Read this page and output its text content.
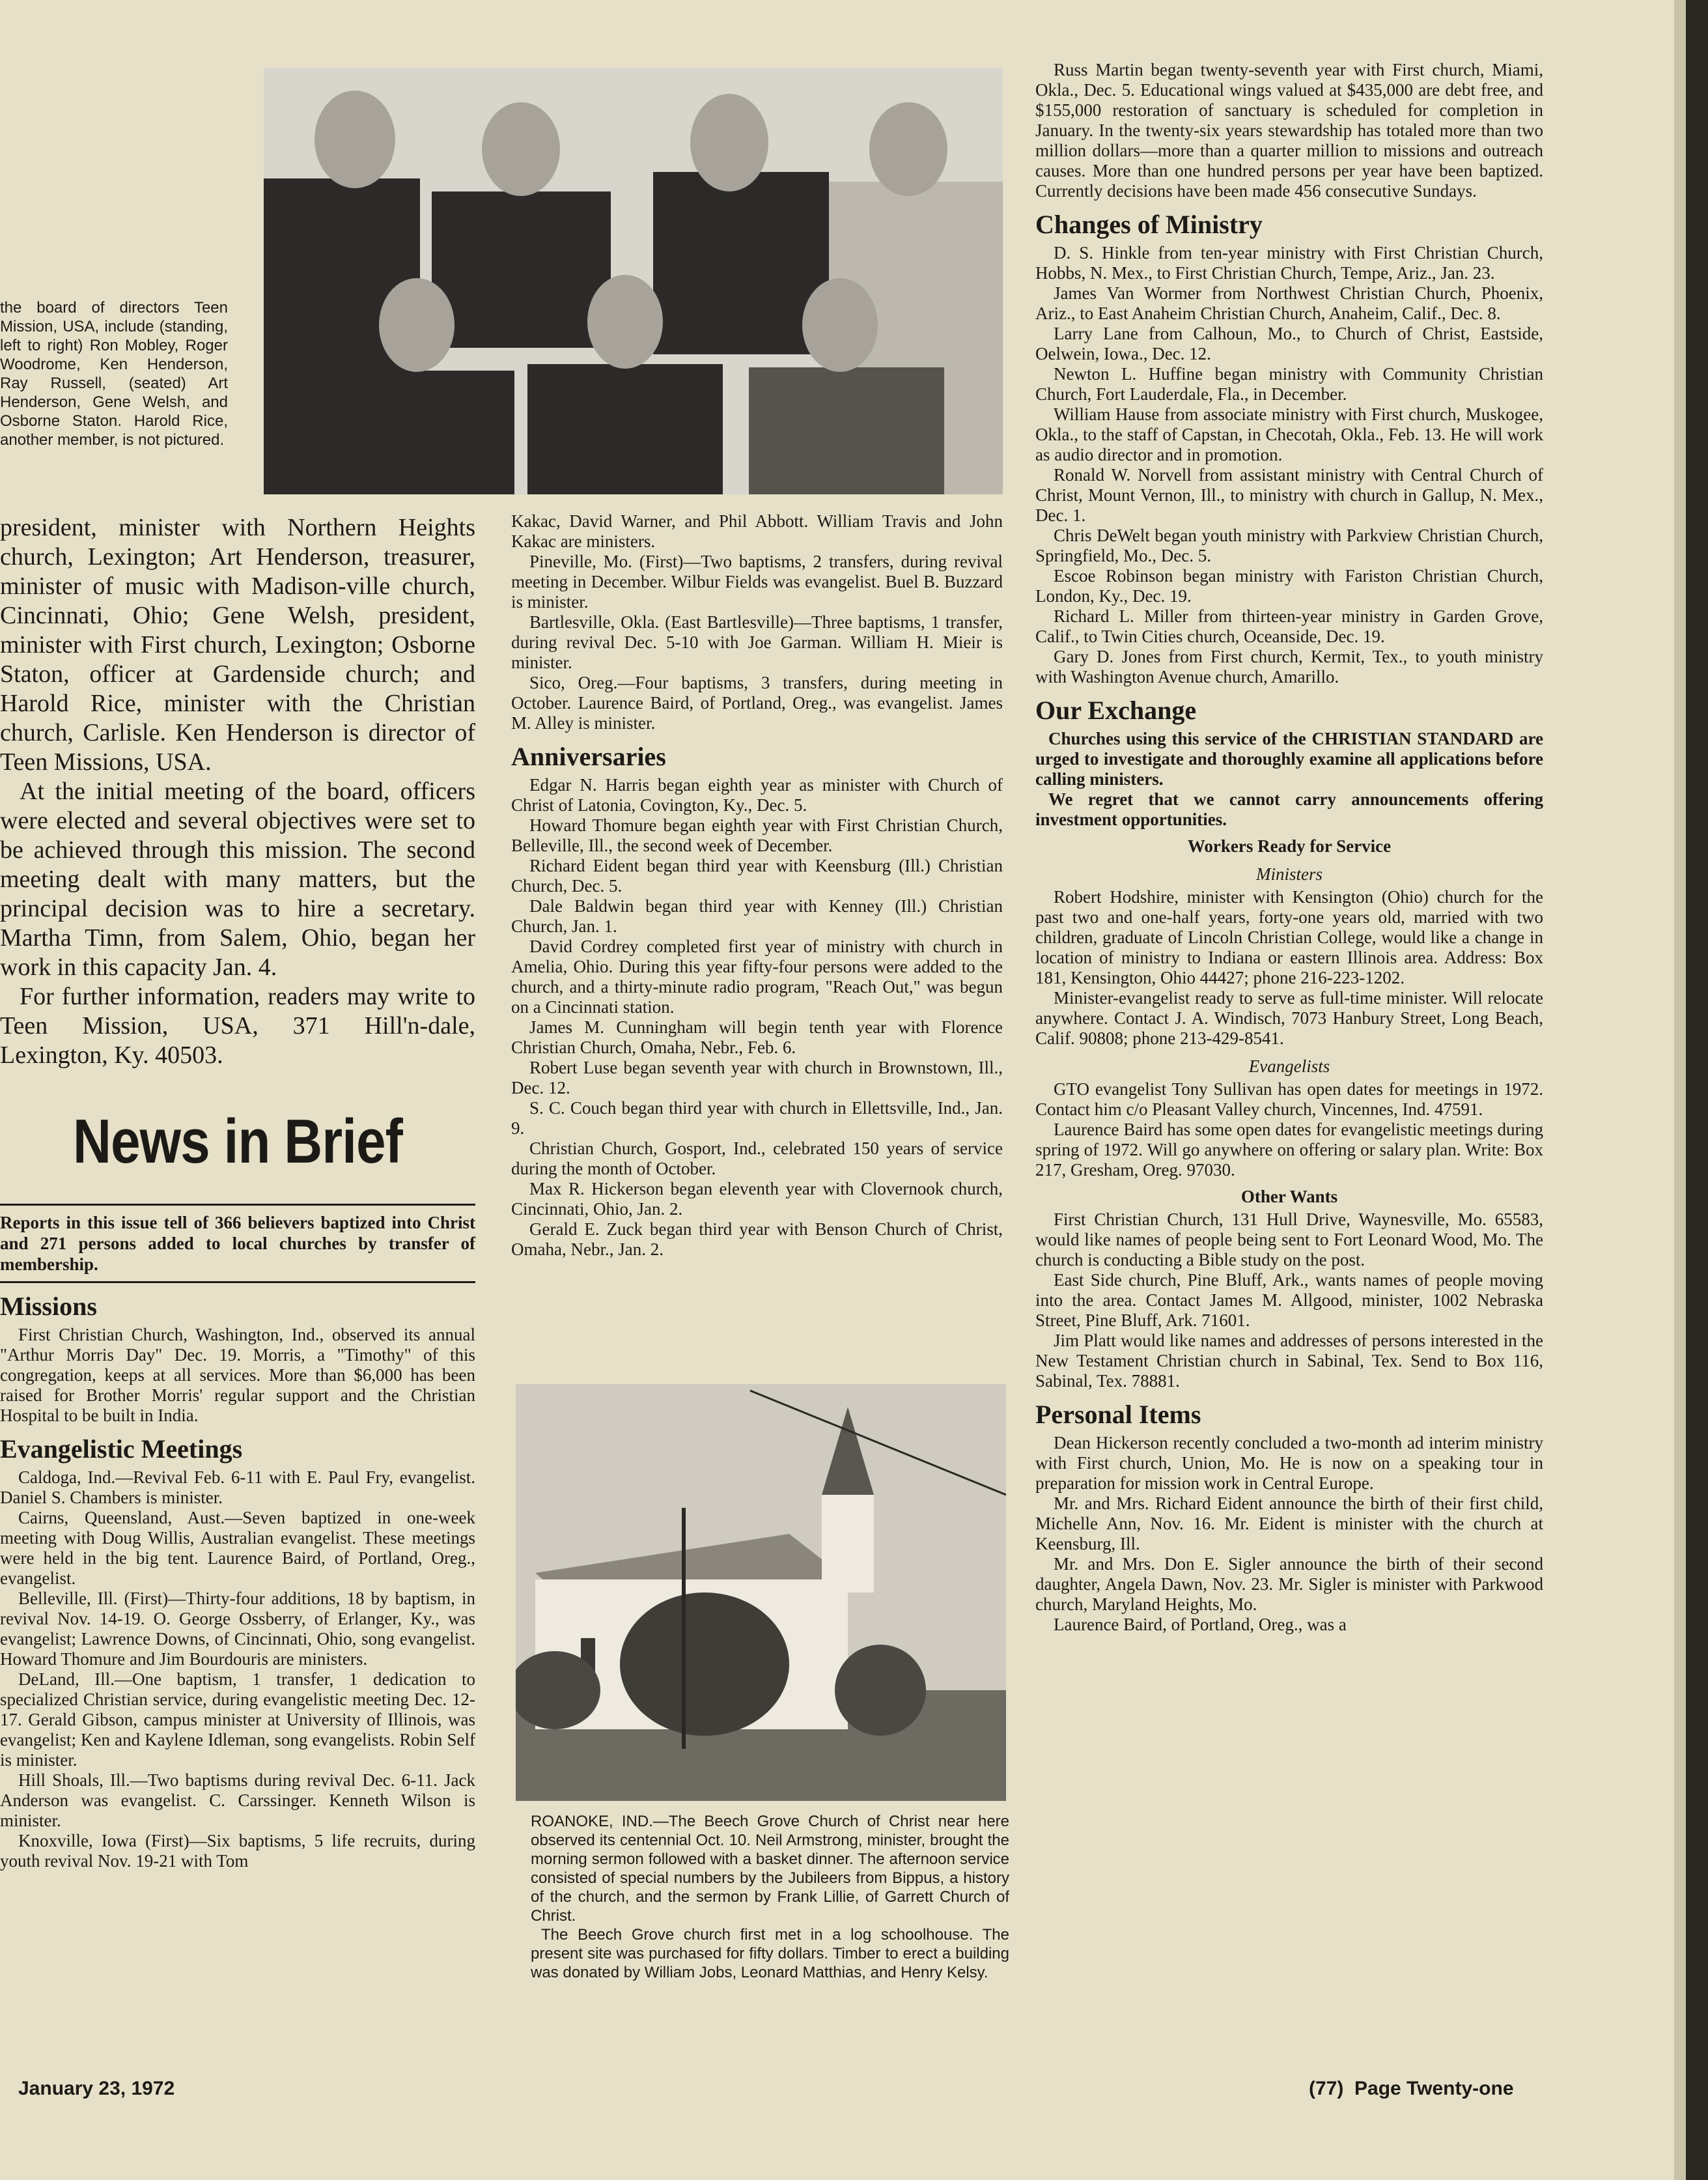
the board of directors Teen Mission, USA, include (standing, left to right) Ron Mobley, Roger Woodrome, Ken Henderson, Ray Russell, (seated) Art Henderson, Gene Welsh, and Osborne Staton. Harold Rice, another member, is not pictured.

president, minister with Northern Heights church, Lexington; Art Henderson, treasurer, minister of music with Madison-ville church, Cincinnati, Ohio; Gene Welsh, president, minister with First church, Lexington; Osborne Staton, officer at Gardenside church; and Harold Rice, minister with the Christian church, Carlisle. Ken Henderson is director of Teen Missions, USA.

At the initial meeting of the board, officers were elected and several objectives were set to be achieved through this mission. The second meeting dealt with many matters, but the principal decision was to hire a secretary. Martha Timn, from Salem, Ohio, began her work in this capacity Jan. 4.

For further information, readers may write to Teen Mission, USA, 371 Hill'n-dale, Lexington, Ky. 40503.

News in Brief
Reports in this issue tell of 366 believers baptized into Christ and 271 persons added to local churches by transfer of membership.
Missions

First Christian Church, Washington, Ind., observed its annual "Arthur Morris Day" Dec. 19. Morris, a "Timothy" of this congregation, keeps at all services. More than $6,000 has been raised for Brother Morris' regular support and the Christian Hospital to be built in India.

Evangelistic Meetings

Caldoga, Ind.—Revival Feb. 6-11 with E. Paul Fry, evangelist. Daniel S. Chambers is minister.

Cairns, Queensland, Aust.—Seven baptized in one-week meeting with Doug Willis, Australian evangelist. These meetings were held in the big tent. Laurence Baird, of Portland, Oreg., evangelist.

Belleville, Ill. (First)—Thirty-four additions, 18 by baptism, in revival Nov. 14-19. O. George Ossberry, of Erlanger, Ky., was evangelist; Lawrence Downs, of Cincinnati, Ohio, song evangelist. Howard Thomure and Jim Bourdouris are ministers.

DeLand, Ill.—One baptism, 1 transfer, 1 dedication to specialized Christian service, during evangelistic meeting Dec. 12-17. Gerald Gibson, campus minister at University of Illinois, was evangelist; Ken and Kaylene Idleman, song evangelists. Robin Self is minister.

Hill Shoals, Ill.—Two baptisms during revival Dec. 6-11. Jack Anderson was evangelist. C. Carssinger. Kenneth Wilson is minister.

Knoxville, Iowa (First)—Six baptisms, 5 life recruits, during youth revival Nov. 19-21 with Tom

Kakac, David Warner, and Phil Abbott. William Travis and John Kakac are ministers.

Pineville, Mo. (First)—Two baptisms, 2 transfers, during revival meeting in December. Wilbur Fields was evangelist. Buel B. Buzzard is minister.

Bartlesville, Okla. (East Bartlesville)—Three baptisms, 1 transfer, during revival Dec. 5-10 with Joe Garman. William H. Mieir is minister.

Sico, Oreg.—Four baptisms, 3 transfers, during meeting in October. Laurence Baird, of Portland, Oreg., was evangelist. James M. Alley is minister.

Anniversaries

Edgar N. Harris began eighth year as minister with Church of Christ of Latonia, Covington, Ky., Dec. 5.

Howard Thomure began eighth year with First Christian Church, Belleville, Ill., the second week of December.

Richard Eident began third year with Keensburg (Ill.) Christian Church, Dec. 5.

Dale Baldwin began third year with Kenney (Ill.) Christian Church, Jan. 1.

David Cordrey completed first year of ministry with church in Amelia, Ohio. During this year fifty-four persons were added to the church, and a thirty-minute radio program, "Reach Out," was begun on a Cincinnati station.

James M. Cunningham will begin tenth year with Florence Christian Church, Omaha, Nebr., Feb. 6.

Robert Luse began seventh year with church in Brownstown, Ill., Dec. 12.

S. C. Couch began third year with church in Ellettsville, Ind., Jan. 9.

Christian Church, Gosport, Ind., celebrated 150 years of service during the month of October.

Max R. Hickerson began eleventh year with Clovernook church, Cincinnati, Ohio, Jan. 2.

Gerald E. Zuck began third year with Benson Church of Christ, Omaha, Nebr., Jan. 2.

ROANOKE, IND.—The Beech Grove Church of Christ near here observed its centennial Oct. 10. Neil Armstrong, minister, brought the morning sermon followed with a basket dinner. The afternoon service consisted of special numbers by the Jubileers from Bippus, a history of the church, and the sermon by Frank Lillie, of Garrett Church of Christ.

The Beech Grove church first met in a log schoolhouse. The present site was purchased for fifty dollars. Timber to erect a building was donated by William Jobs, Leonard Matthias, and Henry Kelsy.

Russ Martin began twenty-seventh year with First church, Miami, Okla., Dec. 5. Educational wings valued at $435,000 are debt free, and $155,000 restoration of sanctuary is scheduled for completion in January. In the twenty-six years stewardship has totaled more than two million dollars—more than a quarter million to missions and outreach causes. More than one hundred persons per year have been baptized. Currently decisions have been made 456 consecutive Sundays.

Changes of Ministry

D. S. Hinkle from ten-year ministry with First Christian Church, Hobbs, N. Mex., to First Christian Church, Tempe, Ariz., Jan. 23.

James Van Wormer from Northwest Christian Church, Phoenix, Ariz., to East Anaheim Christian Church, Anaheim, Calif., Dec. 8.

Larry Lane from Calhoun, Mo., to Church of Christ, Eastside, Oelwein, Iowa., Dec. 12.

Newton L. Huffine began ministry with Community Christian Church, Fort Lauderdale, Fla., in December.

William Hause from associate ministry with First church, Muskogee, Okla., to the staff of Capstan, in Checotah, Okla., Feb. 13. He will work as audio director and in promotion.

Ronald W. Norvell from assistant ministry with Central Church of Christ, Mount Vernon, Ill., to ministry with church in Gallup, N. Mex., Dec. 1.

Chris DeWelt began youth ministry with Parkview Christian Church, Springfield, Mo., Dec. 5.

Escoe Robinson began ministry with Fariston Christian Church, London, Ky., Dec. 19.

Richard L. Miller from thirteen-year ministry in Garden Grove, Calif., to Twin Cities church, Oceanside, Dec. 19.

Gary D. Jones from First church, Kermit, Tex., to youth ministry with Washington Avenue church, Amarillo.

Our Exchange

Churches using this service of the CHRISTIAN STANDARD are urged to investigate and thoroughly examine all applications before calling ministers.

We regret that we cannot carry announcements offering investment opportunities.

Workers Ready for Service
Ministers

Robert Hodshire, minister with Kensington (Ohio) church for the past two and one-half years, forty-one years old, married with two children, graduate of Lincoln Christian College, would like a change in location of ministry to Indiana or eastern Illinois area. Address: Box 181, Kensington, Ohio 44427; phone 216-223-1202.

Minister-evangelist ready to serve as full-time minister. Will relocate anywhere. Contact J. A. Windisch, 7073 Hanbury Street, Long Beach, Calif. 90808; phone 213-429-8541.

Evangelists

GTO evangelist Tony Sullivan has open dates for meetings in 1972. Contact him c/o Pleasant Valley church, Vincennes, Ind. 47591.

Laurence Baird has some open dates for evangelistic meetings during spring of 1972. Will go anywhere on offering or salary plan. Write: Box 217, Gresham, Oreg. 97030.

Other Wants

First Christian Church, 131 Hull Drive, Waynesville, Mo. 65583, would like names of people being sent to Fort Leonard Wood, Mo. The church is conducting a Bible study on the post.

East Side church, Pine Bluff, Ark., wants names of people moving into the area. Contact James M. Allgood, minister, 1002 Nebraska Street, Pine Bluff, Ark. 71601.

Jim Platt would like names and addresses of persons interested in the New Testament Christian church in Sabinal, Tex. Send to Box 116, Sabinal, Tex. 78881.

Personal Items

Dean Hickerson recently concluded a two-month ad interim ministry with First church, Union, Mo. He is now on a speaking tour in preparation for mission work in Central Europe.

Mr. and Mrs. Richard Eident announce the birth of their first child, Michelle Ann, Nov. 16. Mr. Eident is minister with the church at Keensburg, Ill.

Mr. and Mrs. Don E. Sigler announce the birth of their second daughter, Angela Dawn, Nov. 23. Mr. Sigler is minister with Parkwood church, Maryland Heights, Mo.

Laurence Baird, of Portland, Oreg., was a

January 23, 1972	(77)  Page Twenty-one
